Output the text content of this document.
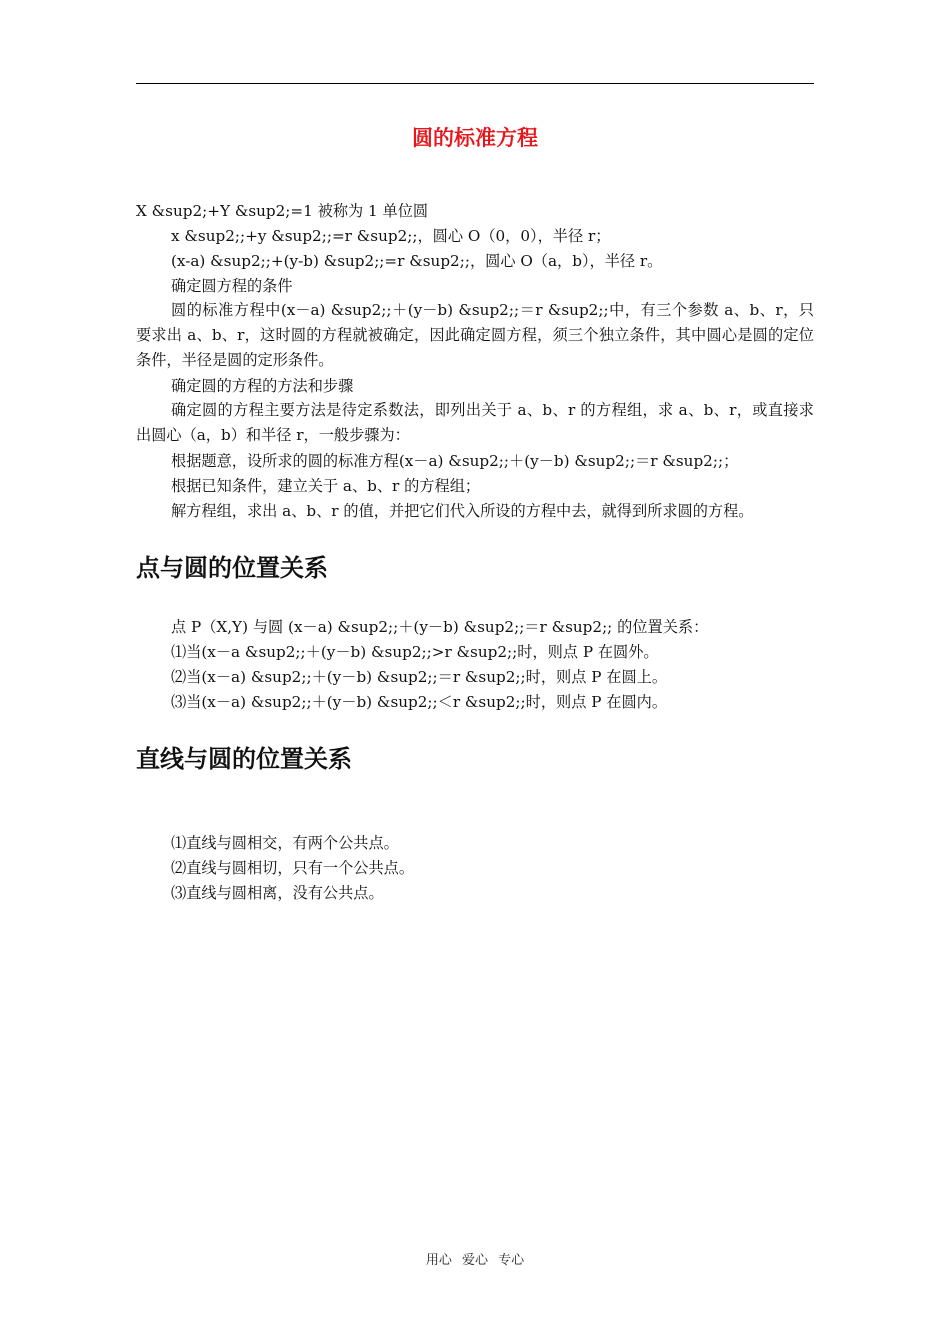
圆的标准方程
X &sup2;+Y &sup2;=1 被称为 1 单位圆
x &sup2;;+y &sup2;;=r &sup2;;，圆心 O（0，0），半径 r；
(x-a) &sup2;;+(y-b) &sup2;;=r &sup2;;，圆心 O（a，b），半径 r。
确定圆方程的条件
圆的标准方程中(x－a) &sup2;;＋(y－b) &sup2;;＝r &sup2;;中，有三个参数 a、b、r，只要求出 a、b、r，这时圆的方程就被确定，因此确定圆方程，须三个独立条件，其中圆心是圆的定位条件，半径是圆的定形条件。
确定圆的方程的方法和步骤
确定圆的方程主要方法是待定系数法，即列出关于 a、b、r 的方程组，求 a、b、r，或直接求出圆心（a，b）和半径 r，一般步骤为：
根据题意，设所求的圆的标准方程(x－a) &sup2;;＋(y－b) &sup2;;＝r &sup2;;；
根据已知条件，建立关于 a、b、r 的方程组；
解方程组，求出 a、b、r 的值，并把它们代入所设的方程中去，就得到所求圆的方程。
点与圆的位置关系
点 P（X,Y) 与圆 (x－a) &sup2;;＋(y－b) &sup2;;＝r &sup2;; 的位置关系：
⑴当(x－a &sup2;;＋(y－b) &sup2;;>r &sup2;;时，则点 P 在圆外。
⑵当(x－a) &sup2;;＋(y－b) &sup2;;＝r &sup2;;时，则点 P 在圆上。
⑶当(x－a) &sup2;;＋(y－b) &sup2;;＜r &sup2;;时，则点 P 在圆内。
直线与圆的位置关系
⑴直线与圆相交，有两个公共点。
⑵直线与圆相切，只有一个公共点。
⑶直线与圆相离，没有公共点。
用心 爱心 专心
